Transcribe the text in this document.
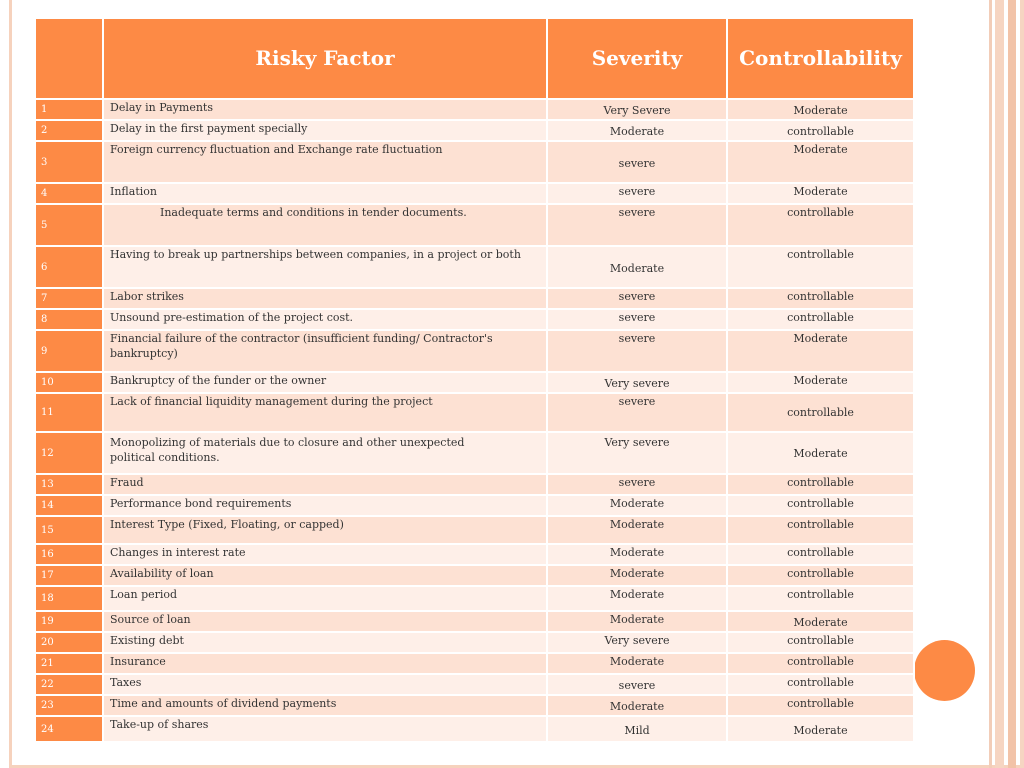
	Risky Factor	Severity	Controllability
1	Delay in Payments	Very Severe	Moderate
2	Delay in the first payment specially	Moderate	controllable
3	Foreign currency fluctuation and Exchange rate fluctuation	severe	Moderate
4	Inflation	severe	Moderate
5	Inadequate terms and conditions in tender documents.	severe	controllable
6	Having to break up partnerships between companies, in a project or both	Moderate	controllable
7	Labor strikes	severe	controllable
8	Unsound pre-estimation of the project cost.	severe	controllable
9	Financial failure of the contractor (insufficient funding/ Contractor's bankruptcy)	severe	Moderate
10	Bankruptcy of the funder or the owner	Very severe	Moderate
11	Lack of financial liquidity management during the project	severe	controllable
12	Monopolizing of materials due to closure and other unexpected political conditions.	Very severe	Moderate
13	Fraud	severe	controllable
14	Performance bond requirements	Moderate	controllable
15	Interest Type (Fixed, Floating, or capped)	Moderate	controllable
16	Changes in interest rate	Moderate	controllable
17	Availability of loan	Moderate	controllable
18	Loan period	Moderate	controllable
19	Source of loan	Moderate	Moderate
20	Existing debt	Very severe	controllable
21	Insurance	Moderate	controllable
22	Taxes	severe	controllable
23	Time and amounts of dividend payments	Moderate	controllable
24	Take-up of shares	Mild	Moderate
